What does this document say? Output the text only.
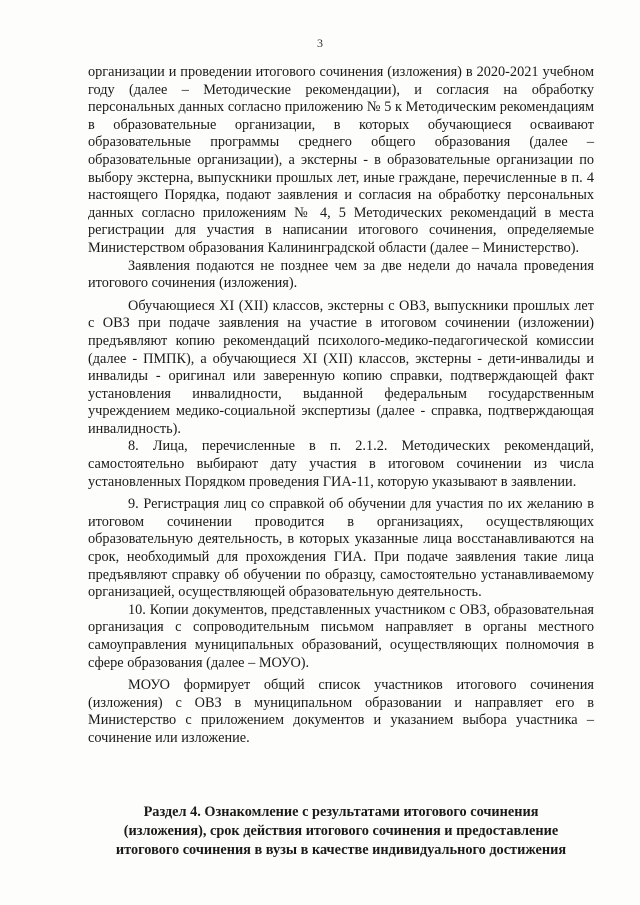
3

организации и проведении итогового сочинения (изложения) в 2020-2021 учебном году (далее – Методические рекомендации), и согласия на обработку персональных данных согласно приложению № 5 к Методическим рекомендациям в образовательные организации, в которых обучающиеся осваивают образовательные программы среднего общего образования (далее – образовательные организации), а экстерны - в образовательные организации по выбору экстерна, выпускники прошлых лет, иные граждане, перечисленные в п. 4 настоящего Порядка, подают заявления и согласия на обработку персональных данных согласно приложениям № 4, 5 Методических рекомендаций в места регистрации для участия в написании итогового сочинения, определяемые Министерством образования Калининградской области (далее – Министерство).

Заявления подаются не позднее чем за две недели до начала проведения итогового сочинения (изложения).

Обучающиеся XI (XII) классов, экстерны с ОВЗ, выпускники прошлых лет с ОВЗ при подаче заявления на участие в итоговом сочинении (изложении) предъявляют копию рекомендаций психолого-медико-педагогической комиссии (далее - ПМПК), а обучающиеся XI (XII) классов, экстерны - дети-инвалиды и инвалиды - оригинал или заверенную копию справки, подтверждающей факт установления инвалидности, выданной федеральным государственным учреждением медико-социальной экспертизы (далее - справка, подтверждающая инвалидность).

8. Лица, перечисленные в п. 2.1.2. Методических рекомендаций, самостоятельно выбирают дату участия в итоговом сочинении из числа установленных Порядком проведения ГИА-11, которую указывают в заявлении.

9. Регистрация лиц со справкой об обучении для участия по их желанию в итоговом сочинении проводится в организациях, осуществляющих образовательную деятельность, в которых указанные лица восстанавливаются на срок, необходимый для прохождения ГИА. При подаче заявления такие лица предъявляют справку об обучении по образцу, самостоятельно устанавливаемому организацией, осуществляющей образовательную деятельность.

10. Копии документов, представленных участником с ОВЗ, образовательная организация с сопроводительным письмом направляет в органы местного самоуправления муниципальных образований, осуществляющих полномочия в сфере образования (далее – МОУО).

МОУО формирует общий список участников итогового сочинения (изложения) с ОВЗ в муниципальном образовании и направляет его в Министерство с приложением документов и указанием выбора участника – сочинение или изложение.

Раздел 4. Ознакомление с результатами итогового сочинения
(изложения), срок действия итогового сочинения и предоставление
итогового сочинения в вузы в качестве индивидуального достижения
